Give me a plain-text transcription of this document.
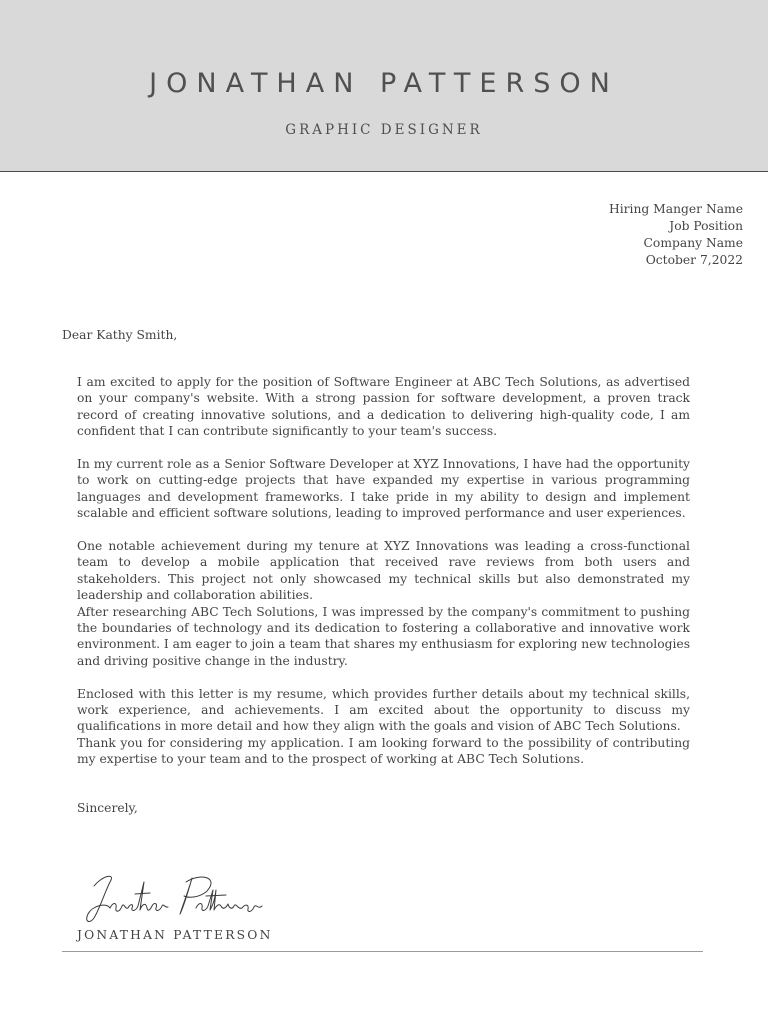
JONATHAN PATTERSON
GRAPHIC DESIGNER
Hiring Manger Name
Job Position
Company Name
October 7,2022
Dear Kathy Smith,

I am excited to apply for the position of Software Engineer at ABC Tech Solutions, as advertised on your company's website. With a strong passion for software development, a proven track record of creating innovative solutions, and a dedication to delivering high-quality code, I am confident that I can contribute significantly to your team's success.

In my current role as a Senior Software Developer at XYZ Innovations, I have had the opportunity to work on cutting-edge projects that have expanded my expertise in various programming languages and development frameworks. I take pride in my ability to design and implement scalable and efficient software solutions, leading to improved performance and user experiences.

One notable achievement during my tenure at XYZ Innovations was leading a cross-functional team to develop a mobile application that received rave reviews from both users and stakeholders. This project not only showcased my technical skills but also demonstrated my leadership and collaboration abilities.

After researching ABC Tech Solutions, I was impressed by the company's commitment to pushing the boundaries of technology and its dedication to fostering a collaborative and innovative work environment. I am eager to join a team that shares my enthusiasm for exploring new technologies and driving positive change in the industry.

Enclosed with this letter is my resume, which provides further details about my technical skills, work experience, and achievements. I am excited about the opportunity to discuss my qualifications in more detail and how they align with the goals and vision of ABC Tech Solutions.

Thank you for considering my application. I am looking forward to the possibility of contributing my expertise to your team and to the prospect of working at ABC Tech Solutions.

Sincerely,
JONATHAN PATTERSON
